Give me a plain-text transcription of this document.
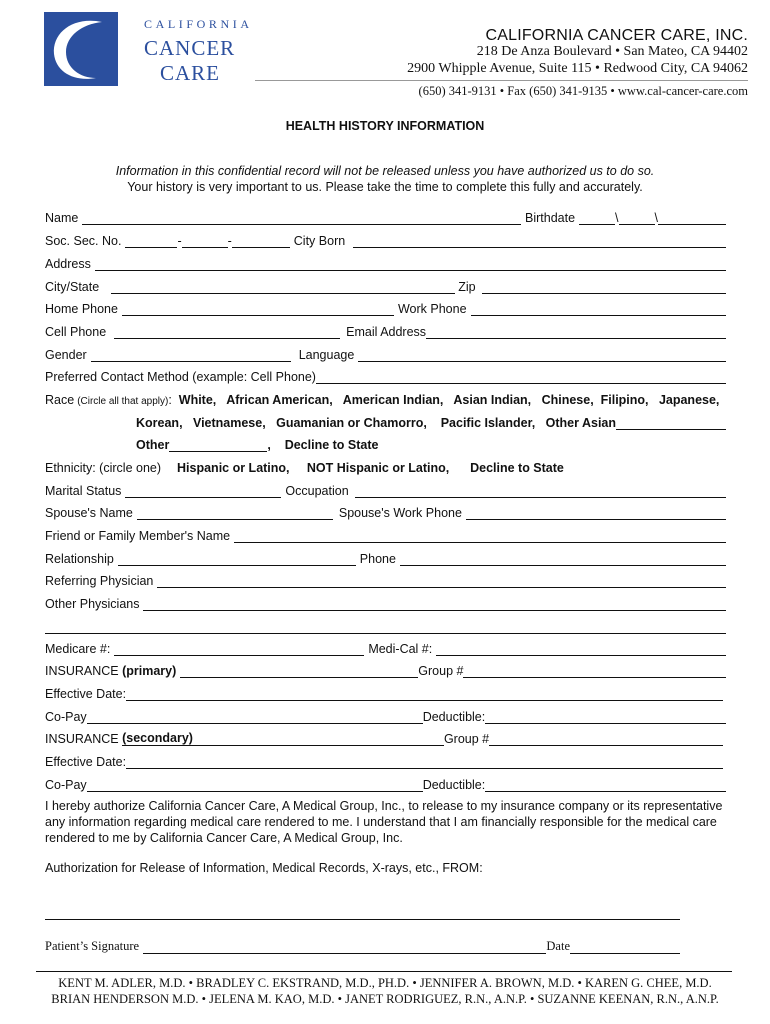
CALIFORNIA
CANCER
CARE
CALIFORNIA CANCER CARE, INC.
218 De Anza Boulevard • San Mateo, CA 94402
2900 Whipple Avenue, Suite 115 • Redwood City, CA 94062
(650) 341-9131 • Fax (650) 341-9135 • www.cal-cancer-care.com
HEALTH HISTORY INFORMATION
Information in this confidential record will not be released unless you have authorized us to do so.
Your history is very important to us. Please take the time to complete this fully and accurately.
Name	Birthdate	\	\
Soc. Sec. No.	-	-	City Born
Address
City/State	Zip
Home Phone	Work Phone
Cell Phone	Email Address
Gender	Language
Preferred Contact Method (example: Cell Phone)
Race (Circle all that apply) : White,   African American,   American Indian,   Asian Indian,   Chinese,  Filipino,   Japanese,
Korean,   Vietnamese,   Guamanian or Chamorro,    Pacific Islander,   Other Asian
Other	,    Decline to State
Ethnicity: (circle one) Hispanic or Latino,     NOT Hispanic or Latino,      Decline to State
Marital Status	Occupation
Spouse's Name	Spouse's Work Phone
Friend or Family Member's Name
Relationship	Phone
Referring Physician
Other Physicians
Medicare #:	Medi-Cal #:
INSURANCE (primary)	Group #
Effective Date:
Co-Pay	Deductible:
INSURANCE (secondary)	Group #
Effective Date:
Co-Pay	Deductible:
I hereby authorize California Cancer Care, A Medical Group, Inc., to release to my insurance company or its representative any information regarding medical care rendered to me. I understand that I am financially responsible for the medical care rendered to me by California Cancer Care, A Medical Group, Inc.
Authorization for Release of Information, Medical Records, X-rays, etc., FROM:
Patient’s Signature	Date
KENT M. ADLER, M.D. • BRADLEY C. EKSTRAND, M.D., PH.D. • JENNIFER A. BROWN, M.D. • KAREN G. CHEE, M.D.
BRIAN HENDERSON M.D. • JELENA M. KAO, M.D. • JANET RODRIGUEZ, R.N., A.N.P. • SUZANNE KEENAN, R.N., A.N.P.
